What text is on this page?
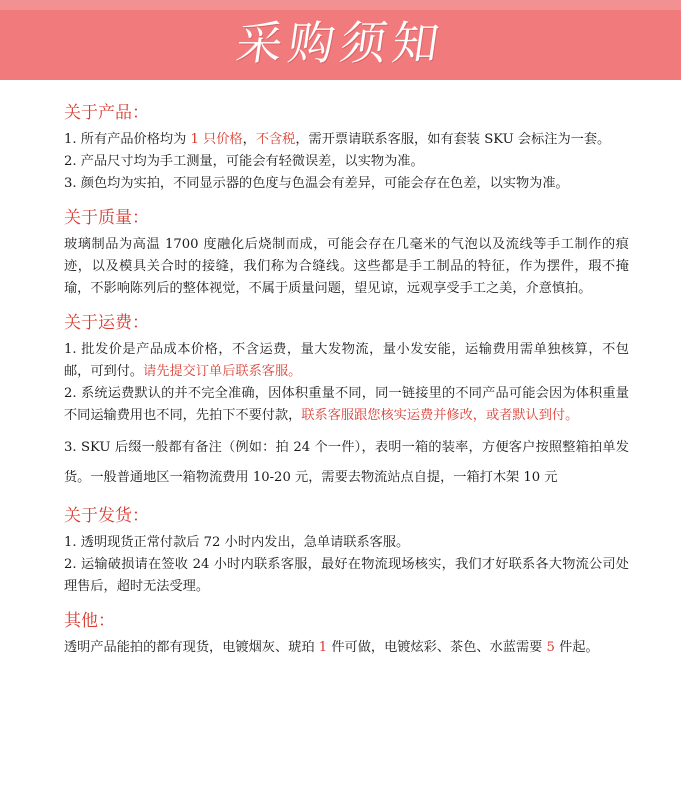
采购须知
关于产品：

1. 所有产品价格均为 1 只价格，不含税，需开票请联系客服，如有套装 SKU 会标注为一套。

2. 产品尺寸均为手工测量，可能会有轻微误差，以实物为准。

3. 颜色均为实拍，不同显示器的色度与色温会有差异，可能会存在色差，以实物为准。

关于质量：

玻璃制品为高温 1700 度融化后烧制而成，可能会存在几毫米的气泡以及流线等手工制作的痕迹，以及模具关合时的接缝，我们称为合缝线。这些都是手工制品的特征，作为摆件，瑕不掩瑜，不影响陈列后的整体视觉，不属于质量问题，望见谅，远观享受手工之美，介意慎拍。

关于运费：

1. 批发价是产品成本价格，不含运费，量大发物流，量小发安能，运输费用需单独核算，不包邮，可到付。请先提交订单后联系客服。

2. 系统运费默认的并不完全准确，因体积重量不同，同一链接里的不同产品可能会因为体积重量不同运输费用也不同，先拍下不要付款，联系客服跟您核实运费并修改，或者默认到付。

3. SKU 后缀一般都有备注（例如：拍 24 个一件），表明一箱的装率，方便客户按照整箱拍单发货。一般普通地区一箱物流费用 10-20 元，需要去物流站点自提，一箱打木架 10 元

关于发货：

1. 透明现货正常付款后 72 小时内发出，急单请联系客服。

2. 运输破损请在签收 24 小时内联系客服，最好在物流现场核实，我们才好联系各大物流公司处理售后，超时无法受理。

其他：

透明产品能拍的都有现货，电镀烟灰、琥珀 1 件可做，电镀炫彩、茶色、水蓝需要 5 件起。
